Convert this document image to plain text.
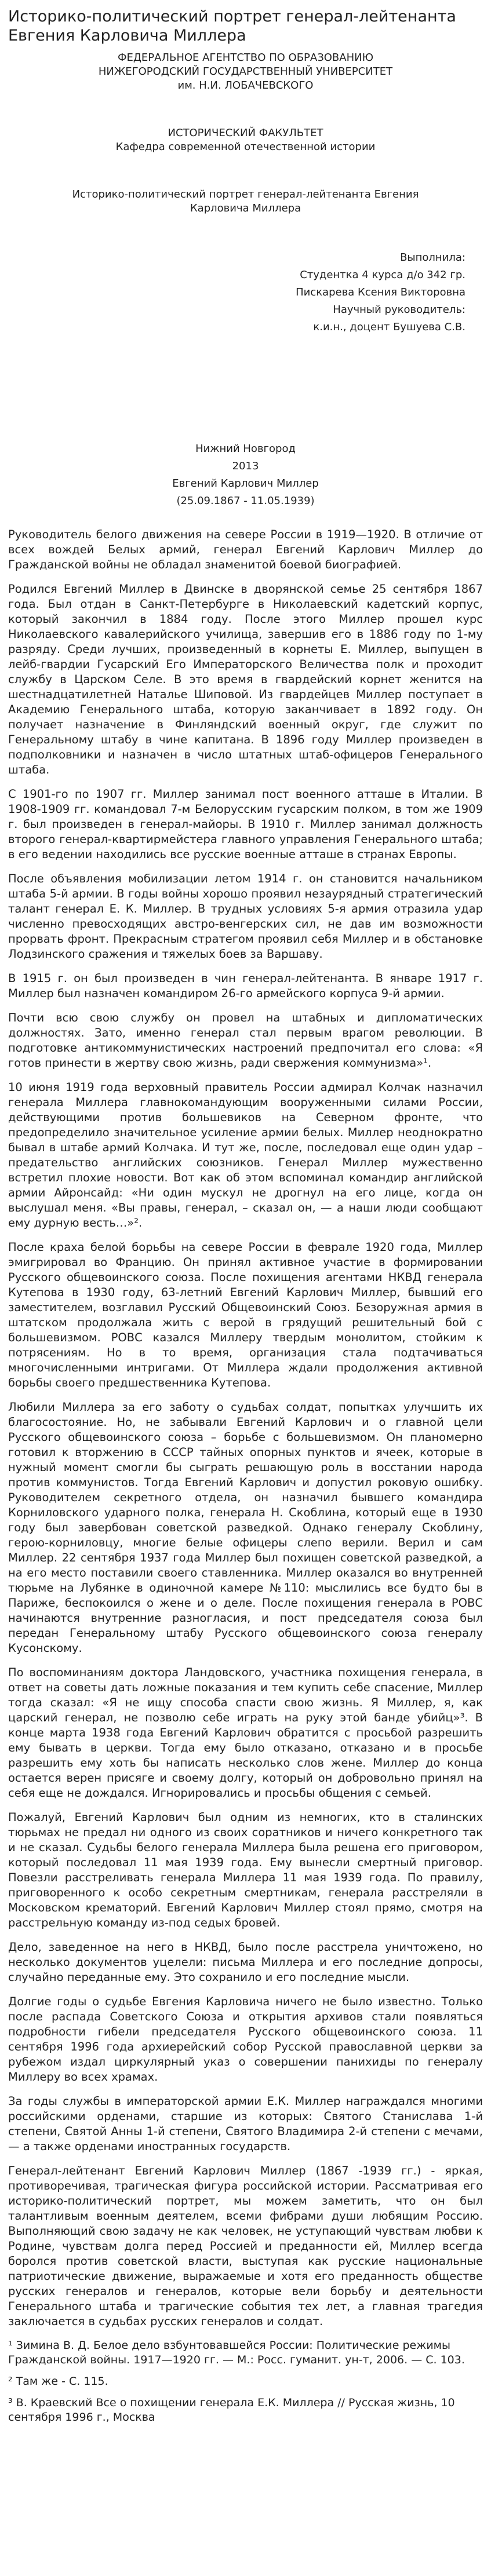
Историко-политический портрет генерал-лейтенанта Евгения Карловича Миллера
ФЕДЕРАЛЬНОЕ АГЕНТСТВО ПО ОБРАЗОВАНИЮ
НИЖЕГОРОДСКИЙ ГОСУДАРСТВЕННЫЙ УНИВЕРСИТЕТ
им. Н.И. ЛОБАЧЕВСКОГО
ИСТОРИЧЕСКИЙ ФАКУЛЬТЕТ
Кафедра современной отечественной истории
Историко-политический портрет генерал-лейтенанта Евгения Карловича Миллера
Выполнила:
Студентка 4 курса д/о 342 гр.
Пискарева Ксения Викторовна
Научный руководитель:
к.и.н., доцент Бушуева С.В.
Нижний Новгород
2013
Евгений Карлович Миллер
(25.09.1867 - 11.05.1939)

Руководитель белого движения на севере России в 1919—1920. В отличие от всех вождей Белых армий, генерал Евгений Карлович Миллер до Гражданской войны не обладал знаменитой боевой биографией.

Родился Евгений Миллер в Двинске в дворянской семье 25 сентября 1867 года. Был отдан в Санкт-Петербурге в Николаевский кадетский корпус, который закончил в 1884 году. После этого Миллер прошел курс Николаевского кавалерийского училища, завершив его в 1886 году по 1-му разряду. Среди лучших, произведенный в корнеты Е. Миллер, выпущен в лейб-гвардии Гусарский Его Императорского Величества полк и проходит службу в Царском Селе. В это время в гвардейский корнет женится на шестнадцатилетней Наталье Шиповой. Из гвардейцев Миллер поступает в Академию Генерального штаба, которую заканчивает в 1892 году. Он получает назначение в Финляндский военный округ, где служит по Генеральному штабу в чине капитана. В 1896 году Миллер произведен в подполковники и назначен в число штатных штаб-офицеров Генерального штаба.

С 1901-го по 1907 гг. Миллер занимал пост военного атташе в Италии. В 1908-1909 гг. командовал 7-м Белорусским гусарским полком, в том же 1909 г. был произведен в генерал-майоры. В 1910 г. Миллер занимал должность второго генерал-квартирмейстера главного управления Генерального штаба; в его ведении находились все русские военные атташе в странах Европы.

После объявления мобилизации летом 1914 г. он становится начальником штаба 5-й армии. В годы войны хорошо проявил незаурядный стратегический талант генерал Е. К. Миллер. В трудных условиях 5-я армия отразила удар численно превосходящих австро-венгерских сил, не дав им возможности прорвать фронт. Прекрасным стратегом проявил себя Миллер и в обстановке Лодзинского сражения и тяжелых боев за Варшаву.

В 1915 г. он был произведен в чин генерал-лейтенанта. В январе 1917 г. Миллер был назначен командиром 26-го армейского корпуса 9-й армии.

Почти всю свою службу он провел на штабных и дипломатических должностях. Зато, именно генерал стал первым врагом революции. В подготовке антикоммунистических настроений предпочитал его слова: «Я готов принести в жертву свою жизнь, ради свержения коммунизма»¹.

10 июня 1919 года верховный правитель России адмирал Колчак назначил генерала Миллера главнокомандующим вооруженными силами России, действующими против большевиков на Северном фронте, что предопределило значительное усиление армии белых. Миллер неоднократно бывал в штабе армий Колчака. И тут же, после, последовал еще один удар – предательство английских союзников. Генерал Миллер мужественно встретил плохие новости. Вот как об этом вспоминал командир английской армии Айронсайд: «Ни один мускул не дрогнул на его лице, когда он выслушал меня. «Вы правы, генерал, – сказал он, — а наши люди сообщают ему дурную весть…»².

После краха белой борьбы на севере России в феврале 1920 года, Миллер эмигрировал во Францию. Он принял активное участие в формировании Русского общевоинского союза. После похищения агентами НКВД генерала Кутепова в 1930 году, 63-летний Евгений Карлович Миллер, бывший его заместителем, возглавил Русский Общевоинский Союз. Безоружная армия в штатском продолжала жить с верой в грядущий решительный бой с большевизмом. РОВС казался Миллеру твердым монолитом, стойким к потрясениям. Но в то время, организация стала подтачиваться многочисленными интригами. От Миллера ждали продолжения активной борьбы своего предшественника Кутепова.

Любили Миллера за его заботу о судьбах солдат, попытках улучшить их благосостояние. Но, не забывали Евгений Карлович и о главной цели Русского общевоинского союза – борьбе с большевизмом. Он планомерно готовил к вторжению в СССР тайных опорных пунктов и ячеек, которые в нужный момент смогли бы сыграть решающую роль в восстании народа против коммунистов. Тогда Евгений Карлович и допустил роковую ошибку. Руководителем секретного отдела, он назначил бывшего командира Корниловского ударного полка, генерала Н. Скоблина, который еще в 1930 году был завербован советской разведкой. Однако генералу Скоблину, герою-корниловцу, многие белые офицеры слепо верили. Верил и сам Миллер. 22 сентября 1937 года Миллер был похищен советской разведкой, а на его место поставили своего ставленника. Миллер оказался во внутренней тюрьме на Лубянке в одиночной камере №110: мыслились все будто бы в Париже, беспокоился о жене и о деле. После похищения генерала в РОВС начинаются внутренние разногласия, и пост председателя союза был передан Генеральному штабу Русского общевоинского союза генералу Кусонскому.

По воспоминаниям доктора Ландовского, участника похищения генерала, в ответ на советы дать ложные показания и тем купить себе спасение, Миллер тогда сказал: «Я не ищу способа спасти свою жизнь. Я Миллер, я, как царский генерал, не позволю себе играть на руку этой банде убийц»³. В конце марта 1938 года Евгений Карлович обратится с просьбой разрешить ему бывать в церкви. Тогда ему было отказано, отказано и в просьбе разрешить ему хоть бы написать несколько слов жене. Миллер до конца остается верен присяге и своему долгу, который он добровольно принял на себя еще не дождался. Игнорировались и просьбы общения с семьей.

Пожалуй, Евгений Карлович был одним из немногих, кто в сталинских тюрьмах не предал ни одного из своих соратников и ничего конкретного так и не сказал. Судьбы белого генерала Миллера была решена его приговором, который последовал 11 мая 1939 года. Ему вынесли смертный приговор. Повезли расстреливать генерала Миллера 11 мая 1939 года. По правилу, приговоренного к особо секретным смертникам, генерала расстреляли в Московском крематорий. Евгений Карлович Миллер стоял прямо, смотря на расстрельную команду из-под седых бровей.

Дело, заведенное на него в НКВД, было после расстрела уничтожено, но несколько документов уцелели: письма Миллера и его последние допросы, случайно переданные ему. Это сохранило и его последние мысли.

Долгие годы о судьбе Евгения Карловича ничего не было известно. Только после распада Советского Союза и открытия архивов стали появляться подробности гибели председателя Русского общевоинского союза. 11 сентября 1996 года архиерейский собор Русской православной церкви за рубежом издал циркулярный указ о совершении панихиды по генералу Миллеру во всех храмах.

За годы службы в императорской армии Е.К. Миллер награждался многими российскими орденами, старшие из которых: Святого Станислава 1-й степени, Святой Анны 1-й степени, Святого Владимира 2-й степени с мечами, — а также орденами иностранных государств.

Генерал-лейтенант Евгений Карлович Миллер (1867 -1939 гг.) - яркая, противоречивая, трагическая фигура российской истории. Рассматривая его историко-политический портрет, мы можем заметить, что он был талантливым военным деятелем, всеми фибрами души любящим Россию. Выполняющий свою задачу не как человек, не уступающий чувствам любви к Родине, чувствам долга перед Россией и преданности ей, Миллер всегда боролся против советской власти, выступая как русские национальные патриотические движение, выражаемые и хотя его преданность обществе русских генералов и генералов, которые вели борьбу и деятельности Генерального штаба и трагические события тех лет, а главная трагедия заключается в судьбах русских генералов и солдат.

¹ Зимина В. Д. Белое дело взбунтовавшейся России: Политические режимы Гражданской войны. 1917—1920 гг. — М.: Росс. гуманит. ун-т, 2006. — С. 103.

² Там же - С. 115.

³ В. Краевский Все о похищении генерала Е.К. Миллера // Русская жизнь, 10 сентября 1996 г., Москва
